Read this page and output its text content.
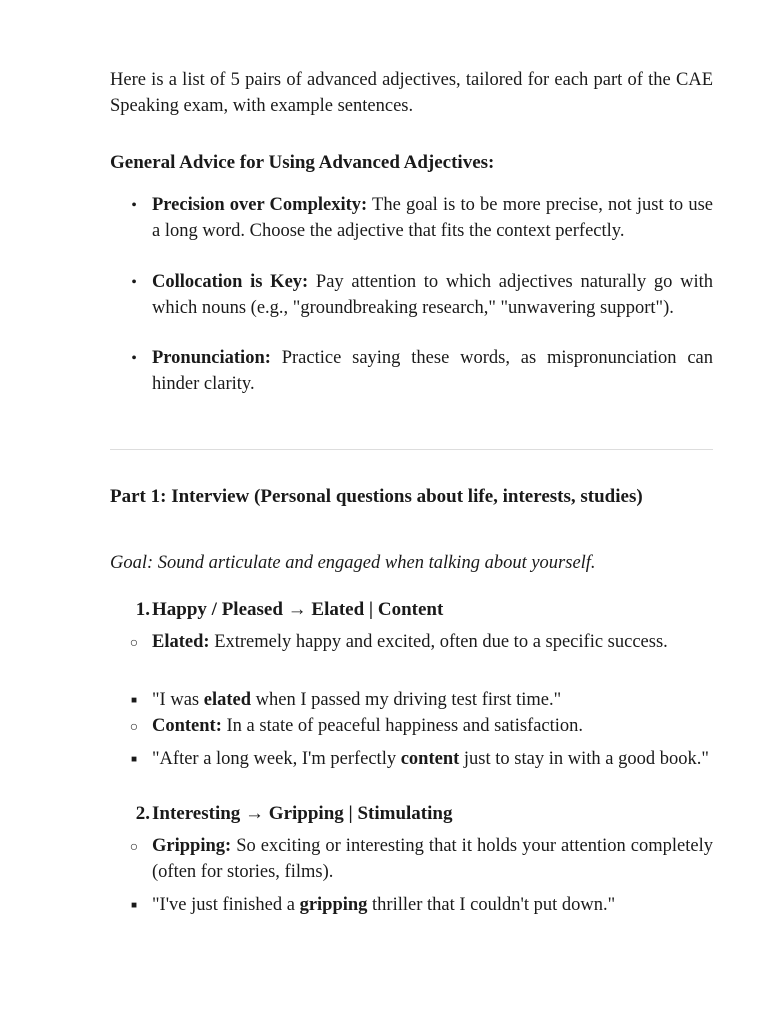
Here is a list of 5 pairs of advanced adjectives, tailored for each part of the CAE Speaking exam, with example sentences.

General Advice for Using Advanced Adjectives:

• Precision over Complexity: The goal is to be more precise, not just to use a long word. Choose the adjective that fits the context perfectly.
• Collocation is Key: Pay attention to which adjectives naturally go with which nouns (e.g., "groundbreaking research," "unwavering support").
• Pronunciation: Practice saying these words, as mispronunciation can hinder clarity.

Part 1: Interview (Personal questions about life, interests, studies)

Goal: Sound articulate and engaged when talking about yourself.

1. Happy / Pleased → Elated | Content
○ Elated: Extremely happy and excited, often due to a specific success.
■ "I was elated when I passed my driving test first time."
○ Content: In a state of peaceful happiness and satisfaction.
■ "After a long week, I'm perfectly content just to stay in with a good book."
2. Interesting → Gripping | Stimulating
○ Gripping: So exciting or interesting that it holds your attention completely (often for stories, films).
■ "I've just finished a gripping thriller that I couldn't put down."
